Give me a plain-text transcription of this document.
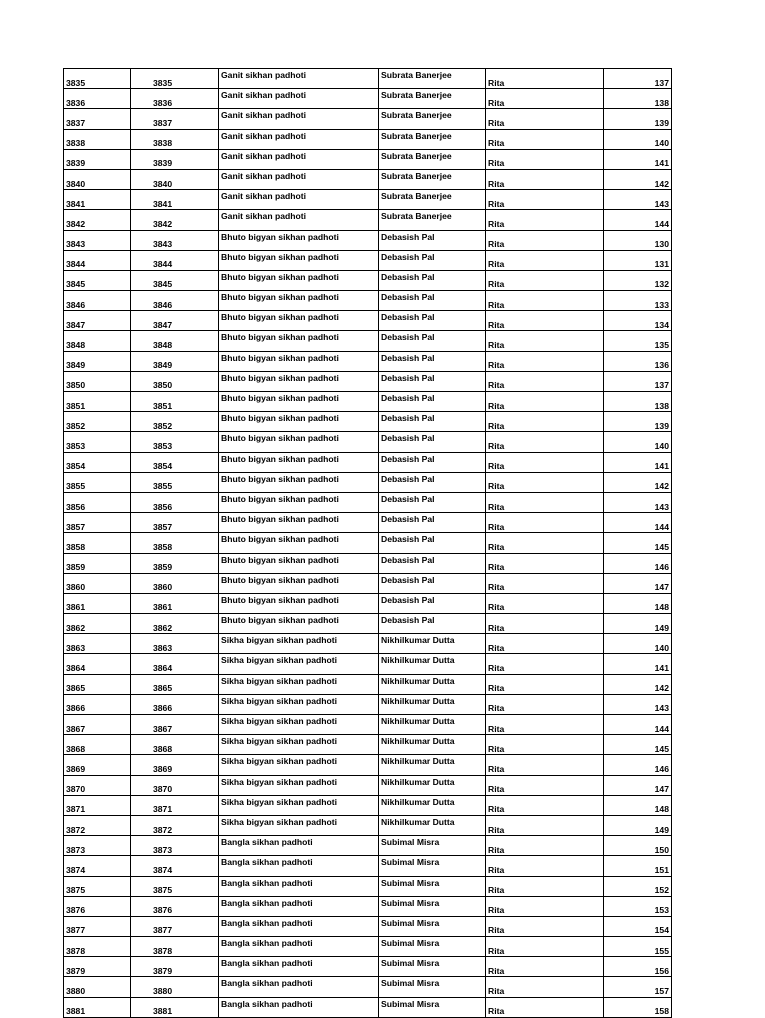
3835	3835	Ganit sikhan padhoti	Subrata Banerjee	Rita	137
3836	3836	Ganit sikhan padhoti	Subrata Banerjee	Rita	138
3837	3837	Ganit sikhan padhoti	Subrata Banerjee	Rita	139
3838	3838	Ganit sikhan padhoti	Subrata Banerjee	Rita	140
3839	3839	Ganit sikhan padhoti	Subrata Banerjee	Rita	141
3840	3840	Ganit sikhan padhoti	Subrata Banerjee	Rita	142
3841	3841	Ganit sikhan padhoti	Subrata Banerjee	Rita	143
3842	3842	Ganit sikhan padhoti	Subrata Banerjee	Rita	144
3843	3843	Bhuto bigyan sikhan padhoti	Debasish Pal	Rita	130
3844	3844	Bhuto bigyan sikhan padhoti	Debasish Pal	Rita	131
3845	3845	Bhuto bigyan sikhan padhoti	Debasish Pal	Rita	132
3846	3846	Bhuto bigyan sikhan padhoti	Debasish Pal	Rita	133
3847	3847	Bhuto bigyan sikhan padhoti	Debasish Pal	Rita	134
3848	3848	Bhuto bigyan sikhan padhoti	Debasish Pal	Rita	135
3849	3849	Bhuto bigyan sikhan padhoti	Debasish Pal	Rita	136
3850	3850	Bhuto bigyan sikhan padhoti	Debasish Pal	Rita	137
3851	3851	Bhuto bigyan sikhan padhoti	Debasish Pal	Rita	138
3852	3852	Bhuto bigyan sikhan padhoti	Debasish Pal	Rita	139
3853	3853	Bhuto bigyan sikhan padhoti	Debasish Pal	Rita	140
3854	3854	Bhuto bigyan sikhan padhoti	Debasish Pal	Rita	141
3855	3855	Bhuto bigyan sikhan padhoti	Debasish Pal	Rita	142
3856	3856	Bhuto bigyan sikhan padhoti	Debasish Pal	Rita	143
3857	3857	Bhuto bigyan sikhan padhoti	Debasish Pal	Rita	144
3858	3858	Bhuto bigyan sikhan padhoti	Debasish Pal	Rita	145
3859	3859	Bhuto bigyan sikhan padhoti	Debasish Pal	Rita	146
3860	3860	Bhuto bigyan sikhan padhoti	Debasish Pal	Rita	147
3861	3861	Bhuto bigyan sikhan padhoti	Debasish Pal	Rita	148
3862	3862	Bhuto bigyan sikhan padhoti	Debasish Pal	Rita	149
3863	3863	Sikha bigyan sikhan padhoti	Nikhilkumar Dutta	Rita	140
3864	3864	Sikha bigyan sikhan padhoti	Nikhilkumar Dutta	Rita	141
3865	3865	Sikha bigyan sikhan padhoti	Nikhilkumar Dutta	Rita	142
3866	3866	Sikha bigyan sikhan padhoti	Nikhilkumar Dutta	Rita	143
3867	3867	Sikha bigyan sikhan padhoti	Nikhilkumar Dutta	Rita	144
3868	3868	Sikha bigyan sikhan padhoti	Nikhilkumar Dutta	Rita	145
3869	3869	Sikha bigyan sikhan padhoti	Nikhilkumar Dutta	Rita	146
3870	3870	Sikha bigyan sikhan padhoti	Nikhilkumar Dutta	Rita	147
3871	3871	Sikha bigyan sikhan padhoti	Nikhilkumar Dutta	Rita	148
3872	3872	Sikha bigyan sikhan padhoti	Nikhilkumar Dutta	Rita	149
3873	3873	Bangla sikhan padhoti	Subimal Misra	Rita	150
3874	3874	Bangla sikhan padhoti	Subimal Misra	Rita	151
3875	3875	Bangla sikhan padhoti	Subimal Misra	Rita	152
3876	3876	Bangla sikhan padhoti	Subimal Misra	Rita	153
3877	3877	Bangla sikhan padhoti	Subimal Misra	Rita	154
3878	3878	Bangla sikhan padhoti	Subimal Misra	Rita	155
3879	3879	Bangla sikhan padhoti	Subimal Misra	Rita	156
3880	3880	Bangla sikhan padhoti	Subimal Misra	Rita	157
3881	3881	Bangla sikhan padhoti	Subimal Misra	Rita	158
